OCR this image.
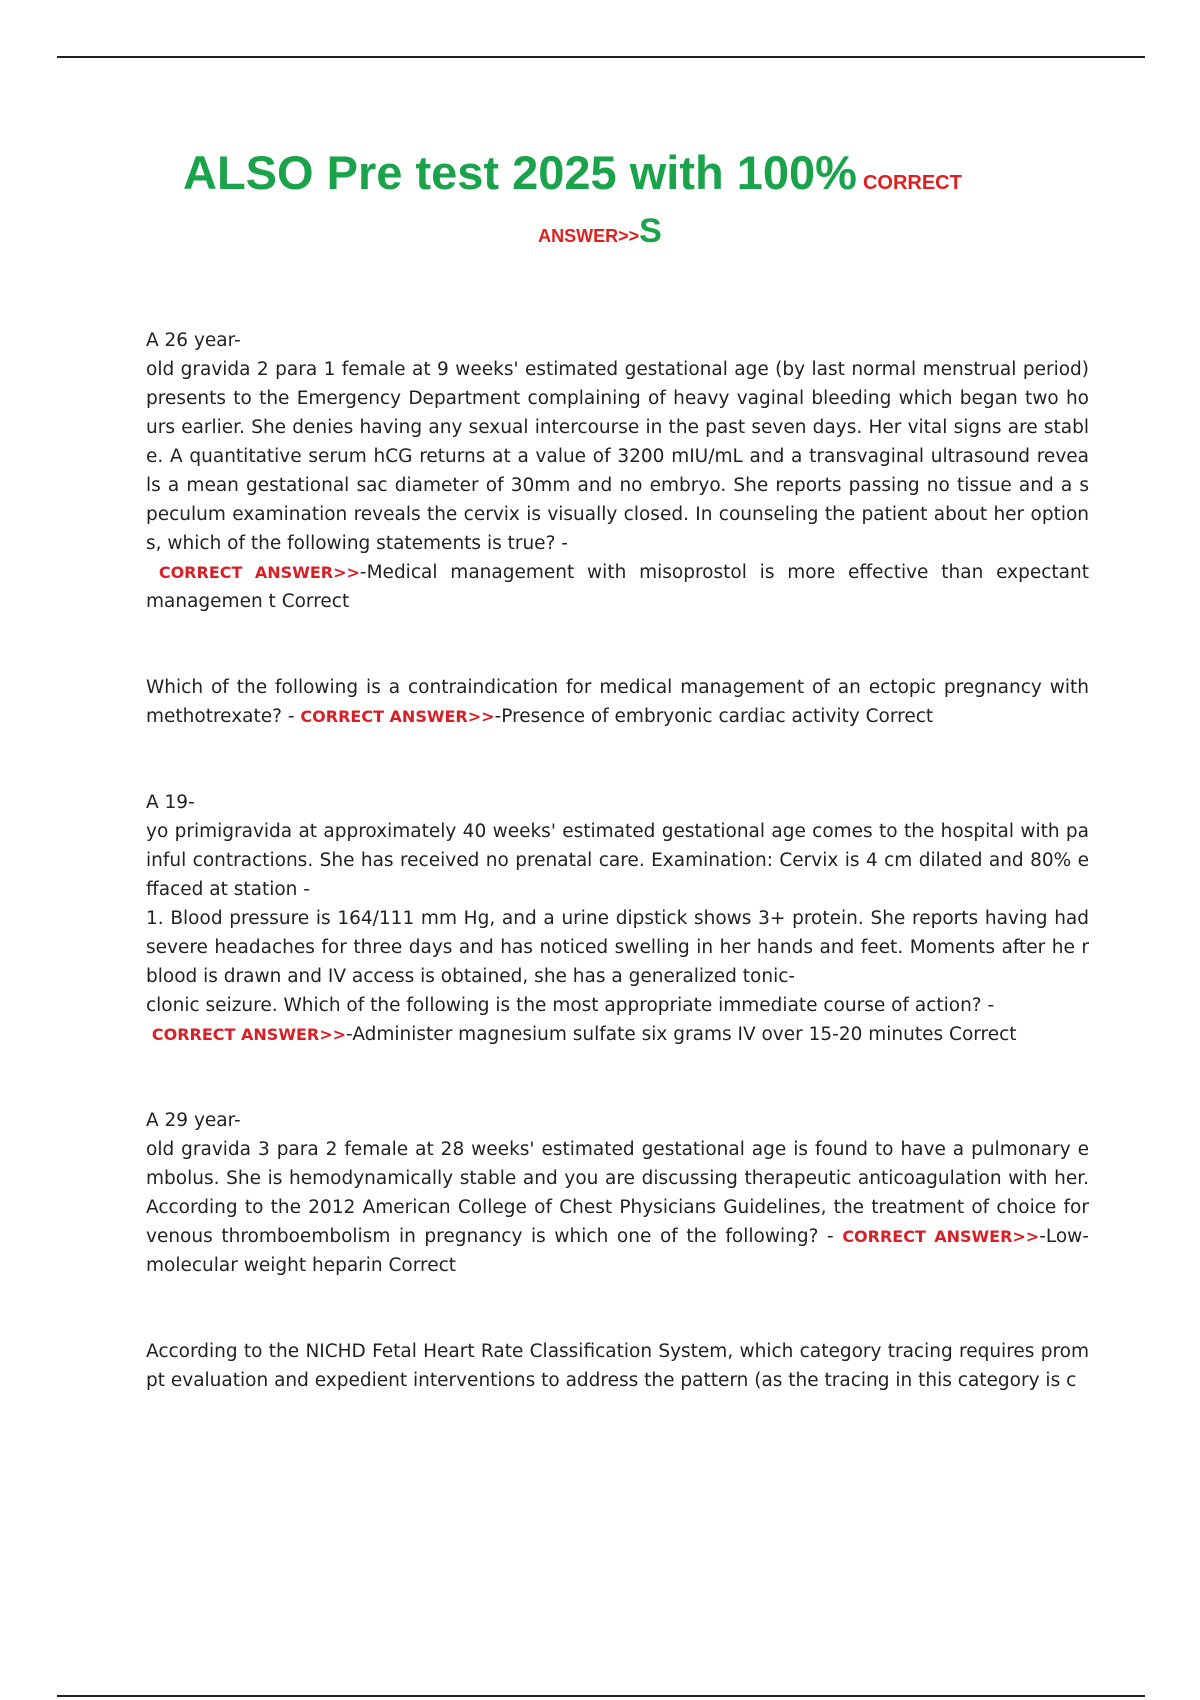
ALSO Pre test 2025 with 100% CORRECT
ANSWER>>S

A 26 year-

old gravida 2 para 1 female at 9 weeks' estimated gestational age (by last normal menstrual period) presents to the Emergency Department complaining of heavy vaginal bleeding which began two ho urs earlier. She denies having any sexual intercourse in the past seven days. Her vital signs are stabl e. A quantitative serum hCG returns at a value of 3200 mIU/mL and a transvaginal ultrasound revea ls a mean gestational sac diameter of 30mm and no embryo. She reports passing no tissue and a s peculum examination reveals the cervix is visually closed. In counseling the patient about her option s, which of the following statements is true? -
CORRECT ANSWER>>-Medical management with misoprostol is more effective than expectant managemen t Correct

Which of the following is a contraindication for medical management of an ectopic pregnancy with methotrexate? - CORRECT ANSWER>>-Presence of embryonic cardiac activity Correct

A 19-

yo primigravida at approximately 40 weeks' estimated gestational age comes to the hospital with pa inful contractions. She has received no prenatal care. Examination: Cervix is 4 cm dilated and 80% e ffaced at station -

1. Blood pressure is 164/111 mm Hg, and a urine dipstick shows 3+ protein. She reports having had severe headaches for three days and has noticed swelling in her hands and feet. Moments after he r blood is drawn and IV access is obtained, she has a generalized tonic-

clonic seizure. Which of the following is the most appropriate immediate course of action? -

CORRECT ANSWER>>-Administer magnesium sulfate six grams IV over 15-20 minutes Correct

A 29 year-

old gravida 3 para 2 female at 28 weeks' estimated gestational age is found to have a pulmonary e mbolus. She is hemodynamically stable and you are discussing therapeutic anticoagulation with her. According to the 2012 American College of Chest Physicians Guidelines, the treatment of choice for venous thromboembolism in pregnancy is which one of the following? - CORRECT ANSWER>>-Low-molecular weight heparin Correct

According to the NICHD Fetal Heart Rate Classification System, which category tracing requires prom pt evaluation and expedient interventions to address the pattern (as the tracing in this category is c
